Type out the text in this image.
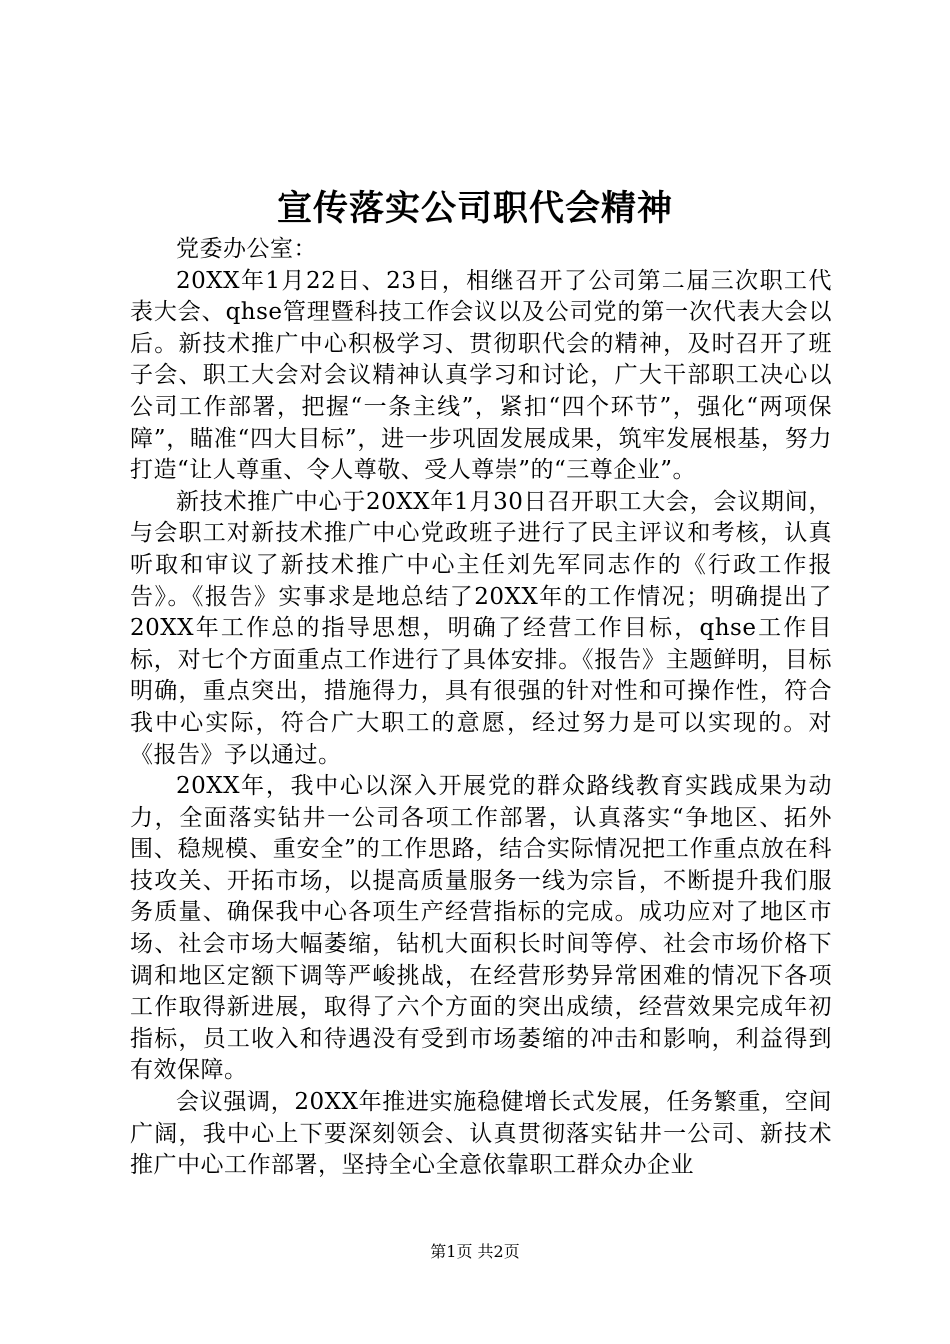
宣传落实公司职代会精神

党委办公室：

20XX年1月22日、23日，相继召开了公司第二届三次职工代表大会、qhse管理暨科技工作会议以及公司党的第一次代表大会以后。新技术推广中心积极学习、贯彻职代会的精神，及时召开了班子会、职工大会对会议精神认真学习和讨论，广大干部职工决心以公司工作部署，把握“一条主线”，紧扣“四个环节”，强化“两项保障”，瞄准“四大目标”，进一步巩固发展成果，筑牢发展根基，努力打造“让人尊重、令人尊敬、受人尊崇”的“三尊企业”。

新技术推广中心于20XX年1月30日召开职工大会，会议期间，与会职工对新技术推广中心党政班子进行了民主评议和考核，认真听取和审议了新技术推广中心主任刘先军同志作的《行政工作报告》。《报告》实事求是地总结了20XX年的工作情况；明确提出了20XX年工作总的指导思想，明确了经营工作目标，qhse工作目标，对七个方面重点工作进行了具体安排。《报告》主题鲜明，目标明确，重点突出，措施得力，具有很强的针对性和可操作性，符合我中心实际，符合广大职工的意愿，经过努力是可以实现的。对《报告》予以通过。

20XX年，我中心以深入开展党的群众路线教育实践成果为动力，全面落实钻井一公司各项工作部署，认真落实“争地区、拓外围、稳规模、重安全”的工作思路，结合实际情况把工作重点放在科技攻关、开拓市场，以提高质量服务一线为宗旨，不断提升我们服务质量、确保我中心各项生产经营指标的完成。成功应对了地区市场、社会市场大幅萎缩，钻机大面积长时间等停、社会市场价格下调和地区定额下调等严峻挑战，在经营形势异常困难的情况下各项工作取得新进展，取得了六个方面的突出成绩，经营效果完成年初指标，员工收入和待遇没有受到市场萎缩的冲击和影响，利益得到有效保障。

会议强调，20XX年推进实施稳健增长式发展，任务繁重，空间广阔，我中心上下要深刻领会、认真贯彻落实钻井一公司、新技术推广中心工作部署，坚持全心全意依靠职工群众办企业

第1页 共2页
